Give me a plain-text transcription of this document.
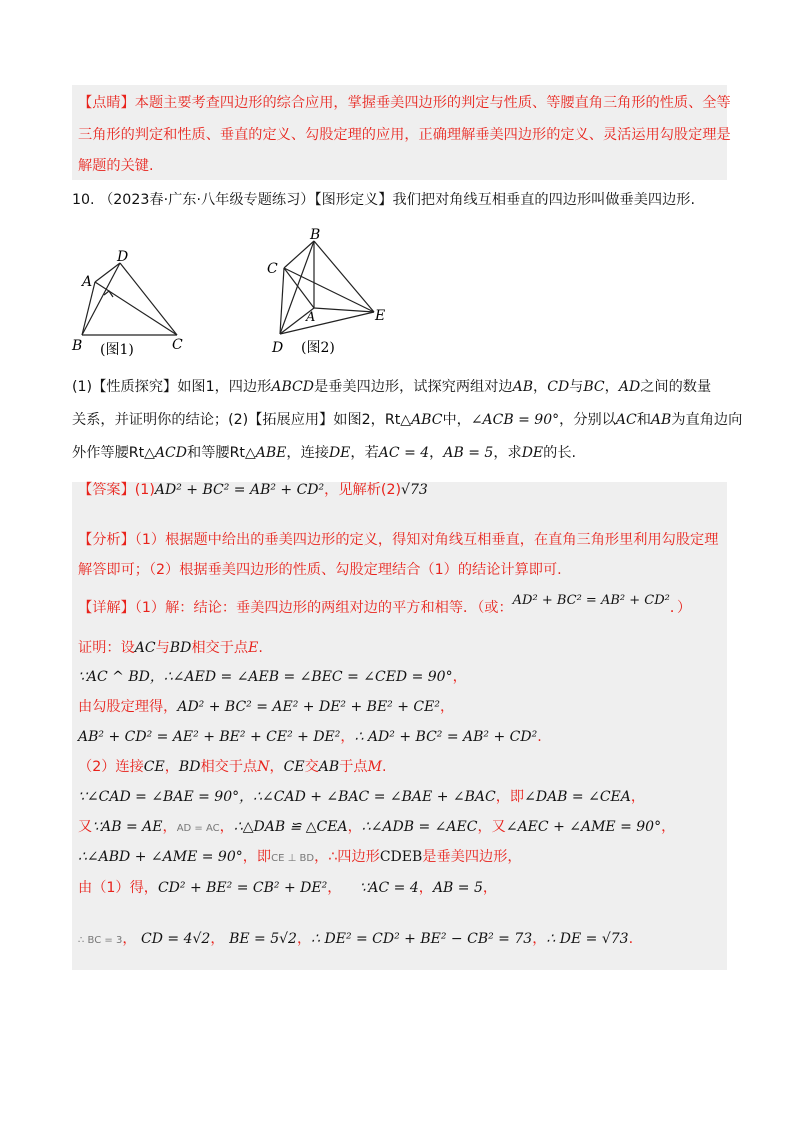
【点睛】本题主要考查四边形的综合应用，掌握垂美四边形的判定与性质、等腰直角三角形的性质、全等
三角形的判定和性质、垂直的定义、勾股定理的应用，正确理解垂美四边形的定义、灵活运用勾股定理是
解题的关键.
10. （2023春·广东·八年级专题练习）【图形定义】我们把对角线互相垂直的四边形叫做垂美四边形.
D
A
B	C
(图1)
B
C
A	E
D (图2)
(1)【性质探究】如图1，四边形ABCD是垂美四边形，试探究两组对边AB，CD与BC，AD之间的数量
关系，并证明你的结论；(2)【拓展应用】如图2，Rt△ABC中，∠ACB = 90°，分别以AC和AB为直角边向
外作等腰Rt△ACD和等腰Rt△ABE，连接DE，若AC = 4，AB = 5，求DE的长.
【答案】(1)AD² + BC² = AB² + CD²，见解析(2)√73
【分析】（1）根据题中给出的垂美四边形的定义，得知对角线互相垂直，在直角三角形里利用勾股定理
解答即可；（2）根据垂美四边形的性质、勾股定理结合（1）的结论计算即可.
【详解】（1）解：结论：垂美四边形的两组对边的平方和相等．（或：AD² + BC² = AB² + CD²．）
证明：设AC与BD相交于点E.
∵AC ^ BD，∴∠AED = ∠AEB = ∠BEC = ∠CED = 90°，
由勾股定理得，AD² + BC² = AE² + DE² + BE² + CE²，
AB² + CD² = AE² + BE² + CE² + DE²，∴ AD² + BC² = AB² + CD².
（2）连接CE，BD相交于点N，CE交AB于点M.
∵∠CAD = ∠BAE = 90°，∴∠CAD + ∠BAC = ∠BAE + ∠BAC，即∠DAB = ∠CEA，
又∵AB = AE，AD = AC，∴△DAB ≌ △CEA，∴∠ADB = ∠AEC，又∠AEC + ∠AME = 90°，
∴∠ABD + ∠AME = 90°，即CE ⊥ BD，∴四边形CDEB是垂美四边形，
由（1）得，CD² + BE² = CB² + DE²， ∵AC = 4，AB = 5，
∴ BC = 3， CD = 4√2， BE = 5√2，∴ DE² = CD² + BE² − CB² = 73，∴ DE = √73.
